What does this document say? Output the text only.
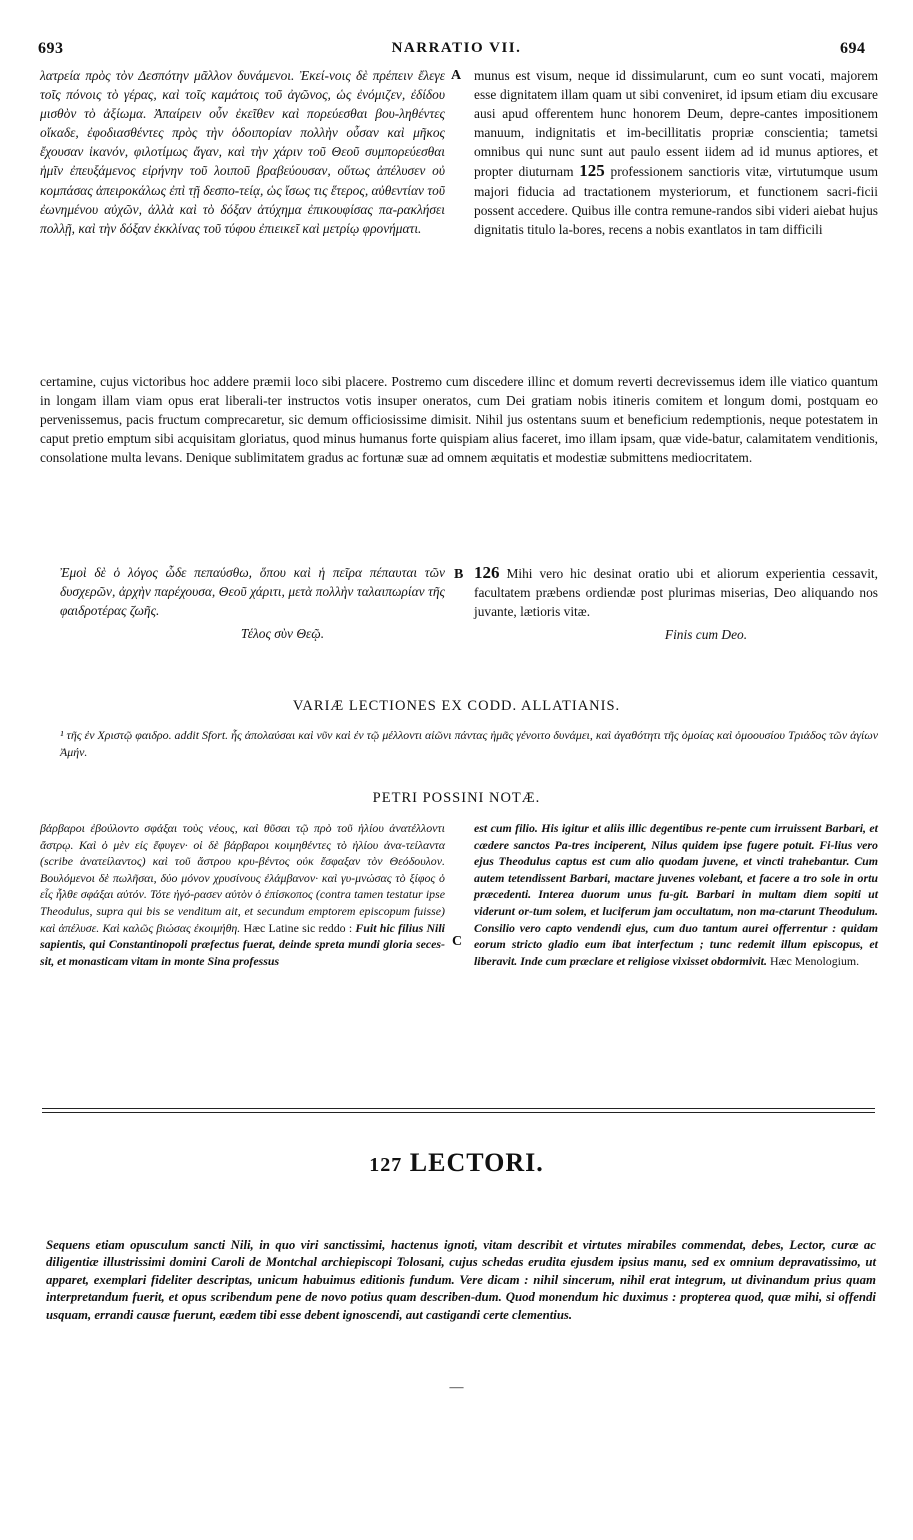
693	NARRATIO VII.	694

λατρεία πρὸς τὸν Δεσπότην μᾶλλον δυνάμενοι. Ἐκεί-νοις δὲ πρέπειν ἔλεγε τοῖς πόνοις τὸ γέρας, καὶ τοῖς καμάτοις τοῦ ἀγῶνος, ὡς ἐνόμιζεν, ἐδίδου μισθὸν τὸ ἀξίωμα. Ἀπαίρειν οὖν ἐκεῖθεν καὶ πορεύεσθαι βου-ληθέντες οἴκαδε, ἐφοδιασθέντες πρὸς τὴν ὁδοιπορίαν πολλὴν οὖσαν καὶ μῆκος ἔχουσαν ἱκανόν, φιλοτίμως ἄγαν, καὶ τὴν χάριν τοῦ Θεοῦ συμπορεύεσθαι ἡμῖν ἐπευξάμενος εἰρήνην τοῦ λοιποῦ βραβεύουσαν, οὕτως ἀπέλυσεν οὐ κομπάσας ἀπειροκάλως ἐπὶ τῇ δεσπο-τείᾳ, ὡς ἴσως τις ἕτερος, αὐθεντίαν τοῦ ἐωνημένου αὐχῶν, ἀλλὰ καὶ τὸ δόξαν ἀτύχημα ἐπικουφίσας πα-ρακλήσει πολλῇ, καὶ τὴν δόξαν ἐκκλίνας τοῦ τύφου ἐπιεικεῖ καὶ μετρίῳ φρονήματι.

A munus est visum, neque id dissimularunt, cum eo sunt vocati, majorem esse dignitatem illam quam ut sibi conveniret, id ipsum etiam diu excusare ausi apud offerentem hunc honorem Deum, depre-cantes impositionem manuum, indignitatis et im-becillitatis propriæ conscientia; tametsi omnibus qui nunc sunt aut paulo essent iidem ad id munus aptiores, et propter diuturnam 125 professionem sanctioris vitæ, virtutumque usum majori fiducia ad tractationem mysteriorum, et functionem sacri-ficii possent accedere. Quibus ille contra remune-randos sibi videri aiebat hujus dignitatis titulo la-bores, recens a nobis exantlatos in tam difficili

certamine, cujus victoribus hoc addere præmii loco sibi placere. Postremo cum discedere illinc et domum reverti decrevissemus idem ille viatico quantum in longam illam viam opus erat liberali-ter instructos votis insuper oneratos, cum Dei gratiam nobis itineris comitem et longum domi, postquam eo pervenissemus, pacis fructum comprecaretur, sic demum officiosissime dimisit. Nihil jus ostentans suum et beneficium redemptionis, neque potestatem in caput pretio emptum sibi acquisitam gloriatus, quod minus humanus forte quispiam alius faceret, imo illam ipsam, quæ vide-batur, calamitatem venditionis, consolatione multa levans. Denique sublimitatem gradus ac fortunæ suæ ad omnem æquitatis et modestiæ submittens mediocritatem.

Ἐμοὶ δὲ ὁ λόγος ὧδε πεπαύσθω, ὅπου καὶ ἡ πεῖρα πέπαυται τῶν δυσχερῶν, ἀρχὴν παρέχουσα, Θεοῦ χάριτι, μετὰ πολλὴν ταλαιπωρίαν τῆς φαιδροτέρας ζωῆς.

Τέλος σὺν Θεῷ.

B 126 Mihi vero hic desinat oratio ubi et aliorum experientia cessavit, facultatem præbens ordiendæ post plurimas miserias, Deo aliquando nos juvante, lætioris vitæ.

Finis cum Deo.

VARIÆ LECTIONES EX CODD. ALLATIANIS.
¹ τῆς ἐν Χριστῷ φαιδρο. addit Sfort. ἧς ἀπολαύσαι καὶ νῦν καὶ ἐν τῷ μέλλοντι αἰῶνι πάντας ἡμᾶς γένοιτο δυνάμει, καὶ ἀγαθότητι τῆς ὁμοίας καὶ ὁμοουσίου Τριάδος τῶν ἁγίων Ἀμήν.
PETRI POSSINI NOTÆ.
βάρβαροι ἐβούλοντο σφάξαι τοὺς νέους, καὶ θῦσαι τῷ πρὸ τοῦ ἡλίου ἀνατέλλοντι ἄστρῳ. Καὶ ὁ μὲν εἰς ἔφυγεν· οἱ δὲ βάρβαροι κοιμηθέντες τὸ ἡλίου ἀνα-τείλαντα (scribe ἀνατείλαντος) καὶ τοῦ ἄστρου κρυ-βέντος οὐκ ἔσφαξαν τὸν Θεόδουλον. Βουλόμενοι δὲ πωλῆσαι, δύο μόνον χρυσίνους ἐλάμβανον· καὶ γυ-μνώσας τὸ ξίφος ὁ εἷς ἦλθε σφάξαι αὐτόν. Τότε ἠγό-ρασεν αὐτὸν ὁ ἐπίσκοπος (contra tamen testatur ipse Theodulus, supra qui bis se venditum ait, et secundum emptorem episcopum fuisse) καὶ ἀπέλυσε. Καὶ καλῶς βιώσας ἐκοιμήθη. Hæc Latine sic reddo : Fuit hic filius Nili sapientis, qui Constantinopoli præfectus fuerat, deinde spreta mundi gloria seces-sit, et monasticam vitam in monte Sina professus
C
est cum filio. His igitur et aliis illic degentibus re-pente cum irruissent Barbari, et cædere sanctos Pa-tres inciperent, Nilus quidem ipse fugere potuit. Fi-lius vero ejus Theodulus captus est cum alio quodam juvene, et vincti trahebantur. Cum autem tetendissent Barbari, mactare juvenes volebant, et facere a tro sole in ortu præcedenti. Interea duorum unus fu-git. Barbari in multam diem sopiti ut viderunt or-tum solem, et luciferum jam occultatum, non ma-ctarunt Theodulum. Consilio vero capto vendendi ejus, cum duo tantum aurei offerrentur : quidam eorum stricto gladio eum ibat interfectum ; tunc redemit illum episcopus, et liberavit. Inde cum præclare et religiose vixisset obdormivit. Hæc Menologium.
127 LECTORI.
Sequens etiam opusculum sancti Nili, in quo viri sanctissimi, hactenus ignoti, vitam describit et virtutes mirabiles commendat, debes, Lector, curæ ac diligentiæ illustrissimi domini Caroli de Montchal archiepiscopi Tolosani, cujus schedas erudita ejusdem ipsius manu, sed ex omnium depravatissimo, ut apparet, exemplari fideliter descriptas, unicum habuimus editionis fundum. Vere dicam : nihil sincerum, nihil erat integrum, ut divinandum prius quam interpretandum fuerit, et opus scribendum pene de novo potius quam describen-dum. Quod monendum hic duximus : propterea quod, quæ mihi, si offendi usquam, errandi causæ fuerunt, eædem tibi esse debent ignoscendi, aut castigandi certe clementius.
—
